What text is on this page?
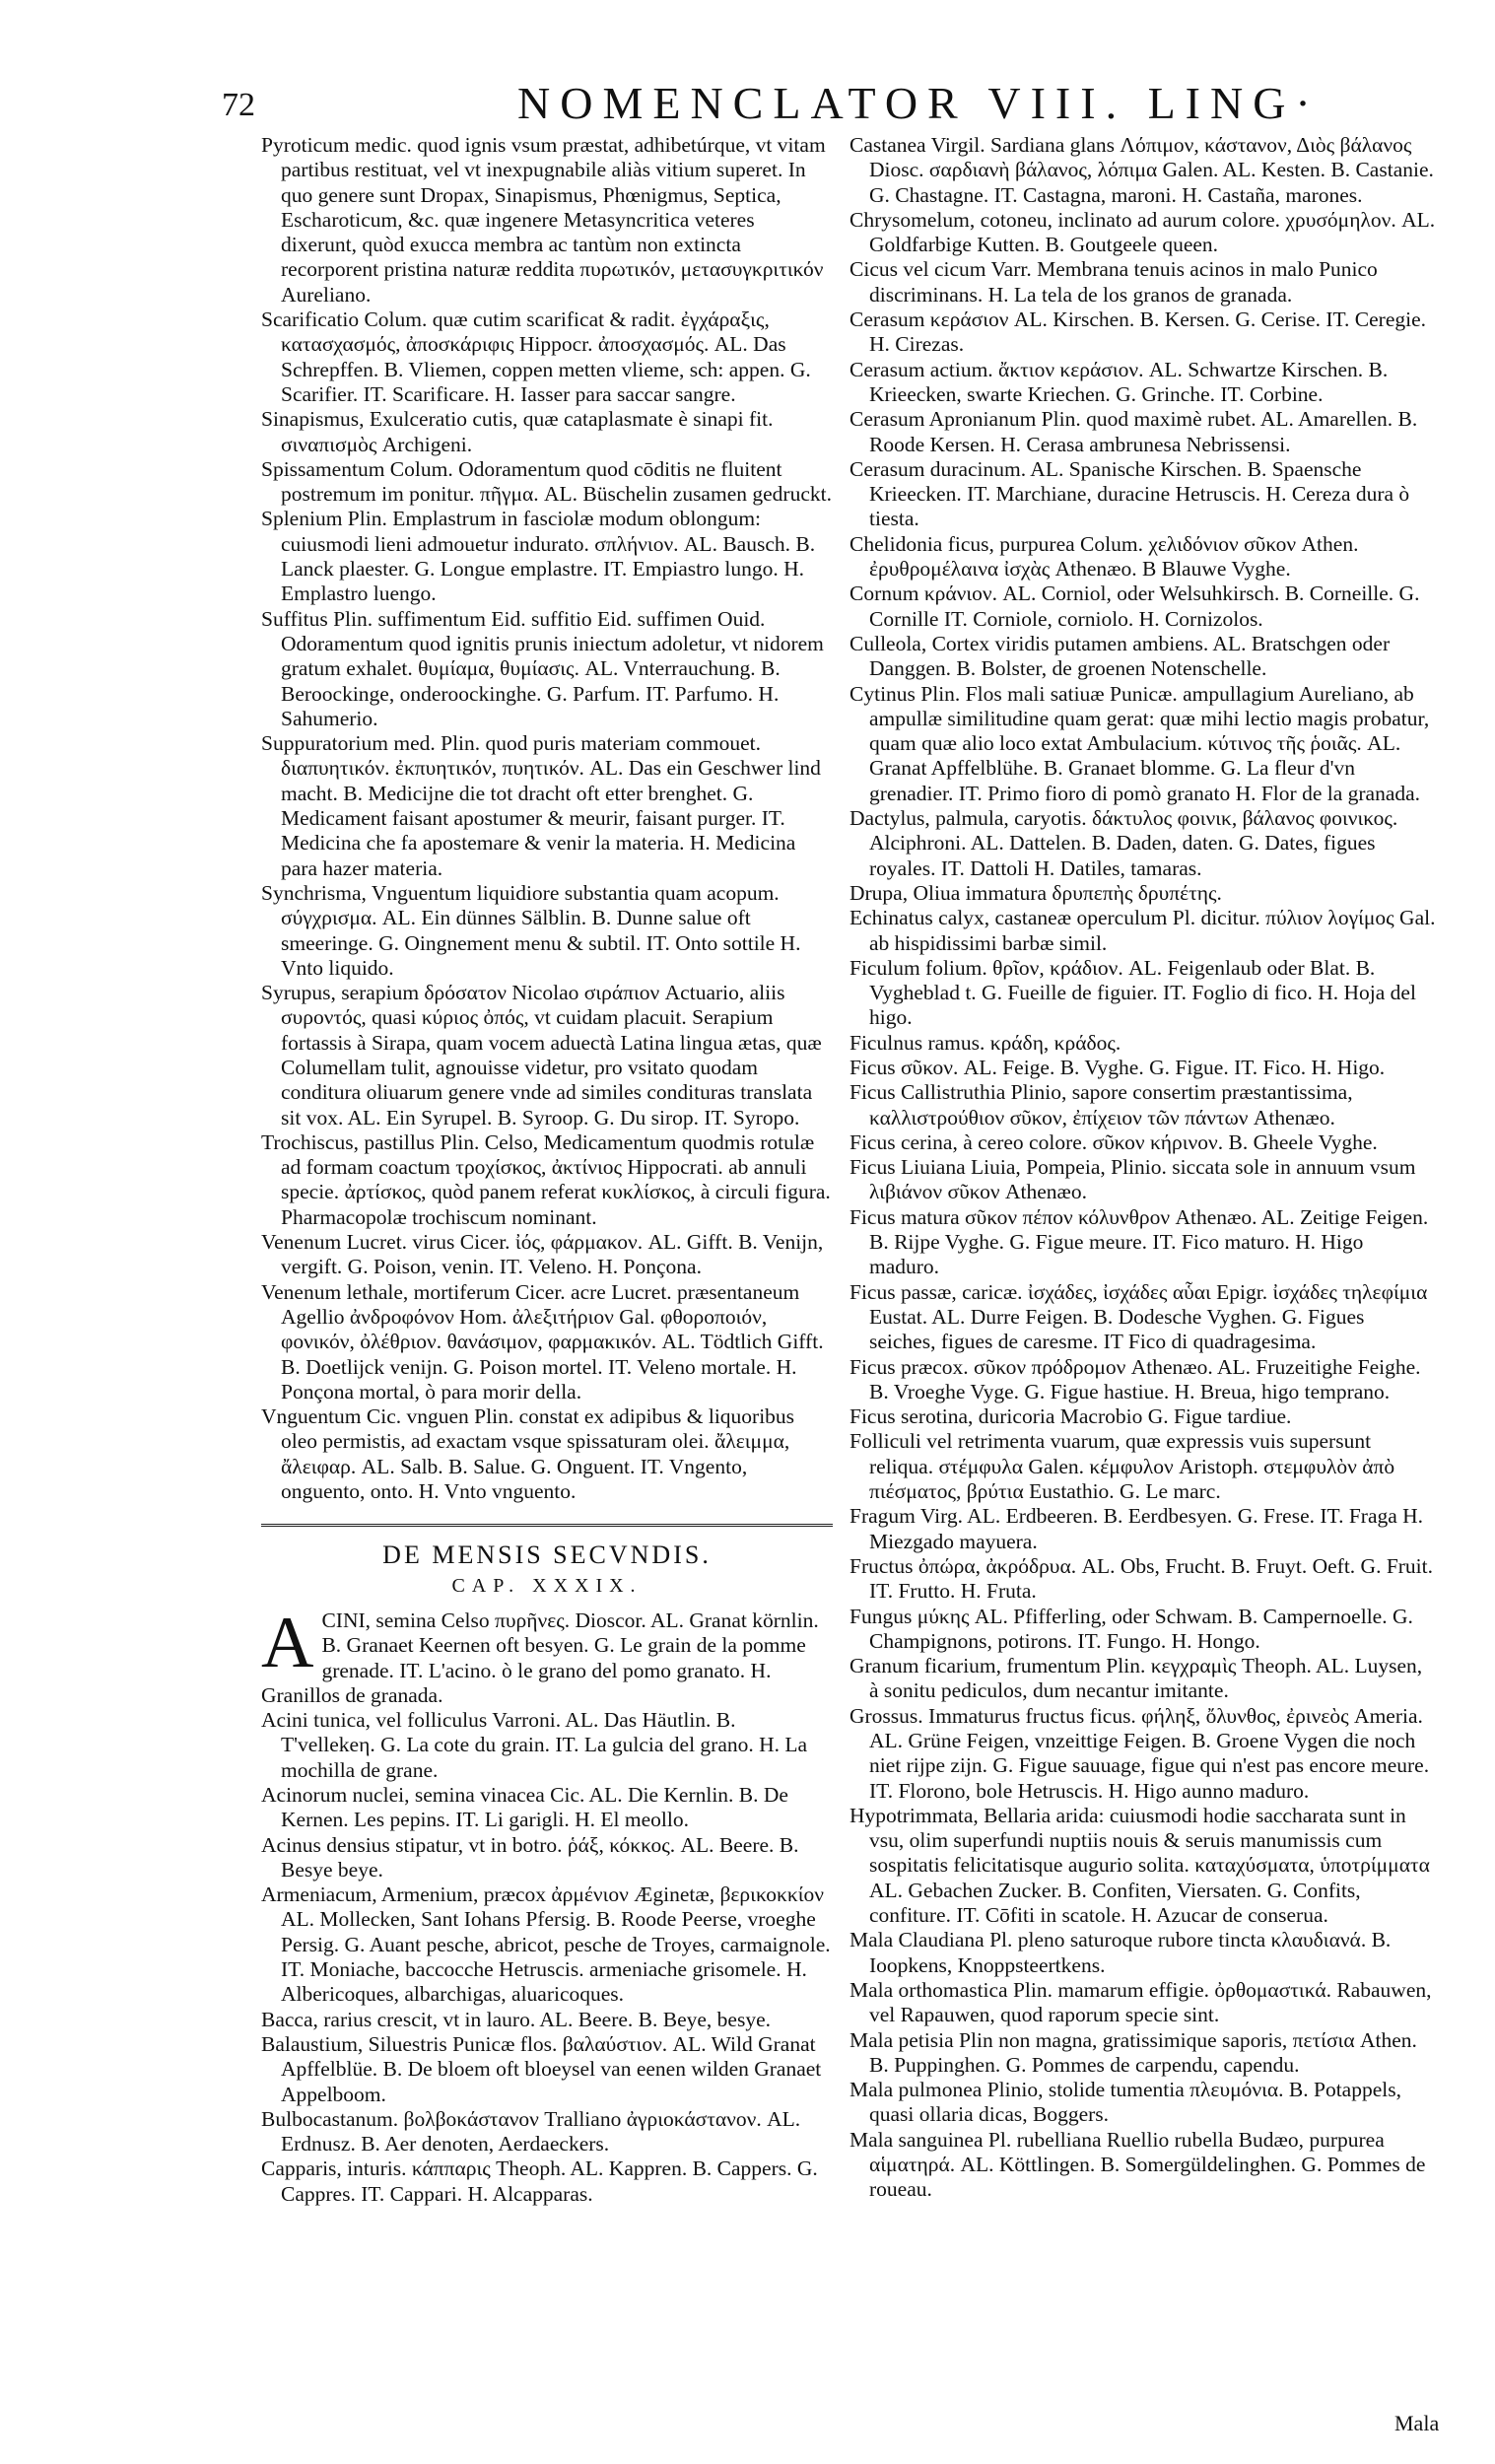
72	NOMENCLATOR VIII. LING·

Pyroticum medic. quod ignis vsum præstat, adhibetúrque, vt vitam partibus restituat, vel vt inexpugnabile aliàs vitium superet. In quo genere sunt Dropax, Sinapismus, Phœnigmus, Septica, Escharoticum, &c. quæ ingenere Metasyncritica veteres dixerunt, quòd exucca membra ac tantùm non extincta recorporent pristina naturæ reddita πυρωτικόν, μετασυγκριτικόν Aureliano.

Scarificatio Colum. quæ cutim scarificat & radit. ἐγχάραξις, κατασχασμός, ἀποσκάριφις Hippocr. ἀποσχασμός. AL. Das Schrepffen. B. Vliemen, coppen metten vlieme, sch: appen. G. Scarifier. IT. Scarificare. H. Iasser para saccar sangre.

Sinapismus, Exulceratio cutis, quæ cataplasmate è sinapi fit. σιναπισμὸς Archigeni.

Spissamentum Colum. Odoramentum quod cōditis ne fluitent postremum im ponitur. πῆγμα. AL. Büschelin zusamen gedruckt.

Splenium Plin. Emplastrum in fasciolæ modum oblongum: cuiusmodi lieni admouetur indurato. σπλήνιον. AL. Bausch. B. Lanck plaester. G. Longue emplastre. IT. Empiastro lungo. H. Emplastro luengo.

Suffitus Plin. suffimentum Eid. suffitio Eid. suffimen Ouid. Odoramentum quod ignitis prunis iniectum adoletur, vt nidorem gratum exhalet. θυμίαμα, θυμίασις. AL. Vnterrauchung. B. Beroockinge, onderoockinghe. G. Parfum. IT. Parfumo. H. Sahumerio.

Suppuratorium med. Plin. quod puris materiam commouet. διαπυητικόν. ἐκπυητικόν, πυητικόν. AL. Das ein Geschwer lind macht. B. Medicijne die tot dracht oft etter brenghet. G. Medicament faisant apostumer & meurir, faisant purger. IT. Medicina che fa apostemare & venir la materia. H. Medicina para hazer materia.

Synchrisma, Vnguentum liquidiore substantia quam acopum. σύγχρισμα. AL. Ein dünnes Sälblin. B. Dunne salue oft smeeringe. G. Oingnement menu & subtil. IT. Onto sottile H. Vnto liquido.

Syrupus, serapium δρόσατον Nicolao σιράπιον Actuario, aliis συροντός, quasi κύριος ὀπός, vt cuidam placuit. Serapium fortassis à Sirapa, quam vocem aduectà Latina lingua ætas, quæ Columellam tulit, agnouisse videtur, pro vsitato quodam conditura oliuarum genere vnde ad similes condituras translata sit vox. AL. Ein Syrupel. B. Syroop. G. Du sirop. IT. Syropo.

Trochiscus, pastillus Plin. Celso, Medicamentum quodmis rotulæ ad formam coactum τροχίσκος, ἀκτίνιος Hippocrati. ab annuli specie. ἀρτίσκος, quòd panem referat κυκλίσκος, à circuli figura. Pharmacopolæ trochiscum nominant.

Venenum Lucret. virus Cicer. ἰός, φάρμακον. AL. Gifft. B. Venijn, vergift. G. Poison, venin. IT. Veleno. H. Ponçona.

Venenum lethale, mortiferum Cicer. acre Lucret. præsentaneum Agellio ἀνδροφόνον Hom. ἀλεξιτήριον Gal. φθοροποιόν, φονικόν, ὀλέθριον. θανάσιμον, φαρμακικόν. AL. Tödtlich Gifft. B. Doetlijck venijn. G. Poison mortel. IT. Veleno mortale. H. Ponçona mortal, ò para morir della.

Vnguentum Cic. vnguen Plin. constat ex adipibus & liquoribus oleo permistis, ad exactam vsque spissaturam olei. ἄλειμμα, ἄλειφαρ. AL. Salb. B. Salue. G. Onguent. IT. Vngento, onguento, onto. H. Vnto vnguento.

DE MENSIS SECVNDIS.
CAP. XXXIX.

A CINI, semina Celso πυρῆνες. Dioscor. AL. Granat körnlin. B. Granaet Keernen oft besyen. G. Le grain de la pomme grenade. IT. L'acino. ò le grano del pomo granato. H. Granillos de granada.

Acini tunica, vel folliculus Varroni. AL. Das Häutlin. B. T'vellekeη. G. La cote du grain. IT. La gulcia del grano. H. La mochilla de grane.

Acinorum nuclei, semina vinacea Cic. AL. Die Kernlin. B. De Kernen. Les pepins. IT. Li garigli. H. El meollo.

Acinus densius stipatur, vt in botro. ῥάξ, κόκκος. AL. Beere. B. Besye beye.

Armeniacum, Armenium, præcox ἀρμένιον Æginetæ, βερικοκκίον AL. Mollecken, Sant Iohans Pfersig. B. Roode Peerse, vroeghe Persig. G. Auant pesche, abricot, pesche de Troyes, carmaignole. IT. Moniache, baccocche Hetruscis. armeniache grisomele. H. Albericoques, albarchigas, aluaricoques.

Bacca, rarius crescit, vt in lauro. AL. Beere. B. Beye, besye.

Balaustium, Siluestris Punicæ flos. βαλαύστιον. AL. Wild Granat Apffelblüe. B. De bloem oft bloeysel van eenen wilden Granaet Appelboom.

Bulbocastanum. βολβοκάστανον Tralliano ἀγριοκάστανον. AL. Erdnusz. B. Aer denoten, Aerdaeckers.

Capparis, inturis. κάππαρις Theoph. AL. Kappren. B. Cappers. G. Cappres. IT. Cappari. H. Alcapparas.

Castanea Virgil. Sardiana glans Λόπιμον, κάστανον, Διὸς βάλανος Diosc. σαρδιανὴ βάλανος, λόπιμα Galen. AL. Kesten. B. Castanie. G. Chastagne. IT. Castagna, maroni. H. Castaña, marones.

Chrysomelum, cotoneu, inclinato ad aurum colore. χρυσόμηλον. AL. Goldfarbige Kutten. B. Goutgeele queen.

Cicus vel cicum Varr. Membrana tenuis acinos in malo Punico discriminans. H. La tela de los granos de granada.

Cerasum κεράσιον AL. Kirschen. B. Kersen. G. Cerise. IT. Ceregie. H. Cirezas.

Cerasum actium. ἄκτιον κεράσιον. AL. Schwartze Kirschen. B. Krieecken, swarte Kriechen. G. Grinche. IT. Corbine.

Cerasum Apronianum Plin. quod maximè rubet. AL. Amarellen. B. Roode Kersen. H. Cerasa ambrunesa Nebrissensi.

Cerasum duracinum. AL. Spanische Kirschen. B. Spaensche Krieecken. IT. Marchiane, duracine Hetruscis. H. Cereza dura ò tiesta.

Chelidonia ficus, purpurea Colum. χελιδόνιον σῦκον Athen. ἐρυθρομέλαινα ἰσχὰς Athenæo. B Blauwe Vyghe.

Cornum κράνιον. AL. Corniol, oder Welsuhkirsch. B. Corneille. G. Cornille IT. Corniole, corniolo. H. Cornizolos.

Culleola, Cortex viridis putamen ambiens. AL. Bratschgen oder Danggen. B. Bolster, de groenen Notenschelle.

Cytinus Plin. Flos mali satiuæ Punicæ. ampullagium Aureliano, ab ampullæ similitudine quam gerat: quæ mihi lectio magis probatur, quam quæ alio loco extat Ambulacium. κύτινος τῆς ῥοιᾶς. AL. Granat Apffelblühe. B. Granaet blomme. G. La fleur d'vn grenadier. IT. Primo fioro di pomò granato H. Flor de la granada.

Dactylus, palmula, caryotis. δάκτυλος φοινικ, βάλανος φοινικος. Alciphroni. AL. Dattelen. B. Daden, daten. G. Dates, figues royales. IT. Dattoli H. Datiles, tamaras.

Drupa, Oliua immatura δρυπεπὴς δρυπέτης.

Echinatus calyx, castaneæ operculum Pl. dicitur. πύλιον λογίμος Gal. ab hispidissimi barbæ simil.

Ficulum folium. θρῖον, κράδιον. AL. Feigenlaub oder Blat. B. Vygheblad t. G. Fueille de figuier. IT. Foglio di fico. H. Hoja del higo.

Ficulnus ramus. κράδη, κράδος.

Ficus σῦκον. AL. Feige. B. Vyghe. G. Figue. IT. Fico. H. Higo.

Ficus Callistruthia Plinio, sapore consertim præstantissima, καλλιστρούθιον σῦκον, ἐπίχειον τῶν πάντων Athenæo.

Ficus cerina, à cereo colore. σῦκον κήρινον. B. Gheele Vyghe.

Ficus Liuiana Liuia, Pompeia, Plinio. siccata sole in annuum vsum λιβιάνον σῦκον Athenæo.

Ficus matura σῦκον πέπον κόλυνθρον Athenæo. AL. Zeitige Feigen. B. Rijpe Vyghe. G. Figue meure. IT. Fico maturo. H. Higo maduro.

Ficus passæ, caricæ. ἰσχάδες, ἰσχάδες αὗαι Epigr. ἰσχάδες τηλεφίμια Eustat. AL. Durre Feigen. B. Dodesche Vyghen. G. Figues seiches, figues de caresme. IT Fico di quadragesima.

Ficus præcox. σῦκον πρόδρομον Athenæo. AL. Fruzeitighe Feighe. B. Vroeghe Vyge. G. Figue hastiue. H. Breua, higo temprano.

Ficus serotina, duricoria Macrobio G. Figue tardiue.

Folliculi vel retrimenta vuarum, quæ expressis vuis supersunt reliqua. στέμφυλα Galen. κέμφυλον Aristoph. στεμφυλὸν ἀπὸ πιέσματος, βρύτια Eustathio. G. Le marc.

Fragum Virg. AL. Erdbeeren. B. Eerdbesyen. G. Frese. IT. Fraga H. Miezgado mayuera.

Fructus ὀπώρα, ἀκρόδρυα. AL. Obs, Frucht. B. Fruyt. Oeft. G. Fruit. IT. Frutto. H. Fruta.

Fungus μύκης AL. Pfifferling, oder Schwam. B. Campernoelle. G. Champignons, potirons. IT. Fungo. H. Hongo.

Granum ficarium, frumentum Plin. κεγχραμὶς Theoph. AL. Luysen, à sonitu pediculos, dum necantur imitante.

Grossus. Immaturus fructus ficus. φήληξ, ὄλυνθος, ἐρινεὸς Ameria. AL. Grüne Feigen, vnzeittige Feigen. B. Groene Vygen die noch niet rijpe zijn. G. Figue sauuage, figue qui n'est pas encore meure. IT. Florono, bole Hetruscis. H. Higo aunno maduro.

Hypotrimmata, Bellaria arida: cuiusmodi hodie saccharata sunt in vsu, olim superfundi nuptiis nouis & seruis manumissis cum sospitatis felicitatisque augurio solita. καταχύσματα, ὑποτρίμματα AL. Gebachen Zucker. B. Confiten, Viersaten. G. Confits, confiture. IT. Cōfiti in scatole. H. Azucar de conserua.

Mala Claudiana Pl. pleno saturoque rubore tincta κλαυδιανά. B. Ioopkens, Knoppsteertkens.

Mala orthomastica Plin. mamarum effigie. ὀρθομαστικά. Rabauwen, vel Rapauwen, quod raporum specie sint.

Mala petisia Plin non magna, gratissimique saporis, πετίσια Athen. B. Puppinghen. G. Pommes de carpendu, capendu.

Mala pulmonea Plinio, stolide tumentia πλευμόνια. B. Potappels, quasi ollaria dicas, Boggers.

Mala sanguinea Pl. rubelliana Ruellio rubella Budæo, purpurea αἱματηρά. AL. Köttlingen. B. Somergüldelinghen. G. Pommes de roueau.

Mala
